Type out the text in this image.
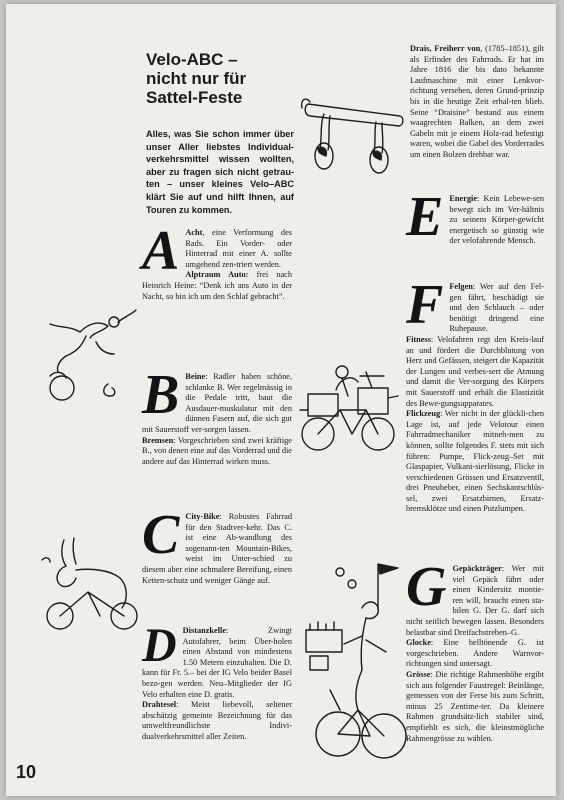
Velo-ABC –
nicht nur für
Sattel-Feste
Alles, was Sie schon immer über unser Aller liebstes Individual-verkehrsmittel wissen wollten, aber zu fragen sich nicht getrau-ten – unser kleines Velo–ABC klärt Sie auf und hilft Ihnen, auf Touren zu kommen.
A Acht, eine Verformung des Rads. Ein Vorder- oder Hinterrad mit einer A. sollte umgehend zen-triert werden.

Alptraum Auto: frei nach Heinrich Heine: “Denk ich ans Auto in der Nacht, so bin ich um den Schlaf gebracht”.

B Beine: Radler haben schöne, schlanke B. Wer regelmässig in die Pedale tritt, baut die Ausdauer-muskulatur mit den dünnen Fasern auf, die sich gut mit Sauerstoff ver-sorgen lassen.

Bremsen: Vorgeschrieben sind zwei kräftige B., von denen eine auf das Vorderrad und die andere auf das Hinterrad wirken muss.

C City-Bike: Robustes Fahrrad für den Stadtver-kehr. Das C. ist eine Ab-wandlung des sogenann-ten Mountain-Bikes, weist im Unter-schied zu diesem aber eine schmalere Bereifung, einen Ketten-schutz und weniger Gänge auf.

D Distanzkelle: Zwingt Autofahrer, beim Über-holen einen Abstand von mindestens 1.50 Metern einzuhalten. Die D. kann für Fr. 5.– bei der IG Velo beider Basel bezo-gen werden. Neu–Mitglieder der IG Velo erhalten eine D. gratis.

Drahtesel: Meist liebevoll, seltener abschätzig gemeinte Bezeichnung für das umweltfreundlichste Indivi-dualverkehrsmittel aller Zeiten.

Drais, Freiherr von, (1785–1851), gilt als Erfinder des Fahrrads. Er hat im Jahre 1816 die bis dato bekannte Laufmaschine mit einer Lenkvor-richtung versehen, deren Grund-prinzip bis in die heutige Zeit erhal-ten blieb. Seine “Draisine” bestand aus einem waagrechten Balken, an dem zwei Gabeln mit je einem Holz-rad befestigt waren, wobei die Gabel des Vorderrades um einen Bolzen drehbar war.

E Energie: Kein Lebewe-sen bewegt sich im Ver-hältnis zu seinem Körper-gewicht energetisch so günstig wie der velofahrende Mensch.

F Felgen: Wer auf den Fel-gen fährt, beschädigt sie und den Schlauch – oder benötigt dringend eine Ruhepause.

Fitness: Velofahren regt den Kreis-lauf an und fördert die Durchblutung von Herz und Gefässen, steigert die Kapazität der Lungen und verbes-sert die Atmung und damit die Ver-sorgung des Körpers mit Sauerstoff und erhält die Elastizität des Bewe-gungsapparates.

Flickzeug: Wer nicht in der glückli-chen Lage ist, auf jede Velotour einen Fahrradmechaniker mitneh-men zu können, sollte folgendes F. stets mit sich führen: Pumpe, Flick-zeug–Set mit Glaspapier, Vulkani-sierlösung, Flicke in verschiedenen Grössen und Ersatzventil, drei Pneuheber, einen Sechskantschlüs-sel, zwei Ersatzbirnen, Ersatz-bremsklötze und einen Putzlumpen.

G Gepäckträger: Wer mit viel Gepäck fährt oder einen Kindersitz montie-ren will, braucht einen sta-bilen G. Der G. darf sich nicht seitlich bewegen lassen. Besonders belastbar sind Dreifachstreben–G.

Glocke: Eine helltönende G. ist vorgeschrieben. Andere Warnvor-richtungen sind untersagt.

Grösse: Die richtige Rahmenhöhe ergibt sich aus folgender Faustregel: Beinlänge, gemessen von der Ferse bis zum Schritt, minus 25 Zentime-ter. Da kleinere Rahmen grundsätz-lich stabiler sind, empfiehlt es sich, die kleinstmögliche Rahmengrösse zu wählen.

10
